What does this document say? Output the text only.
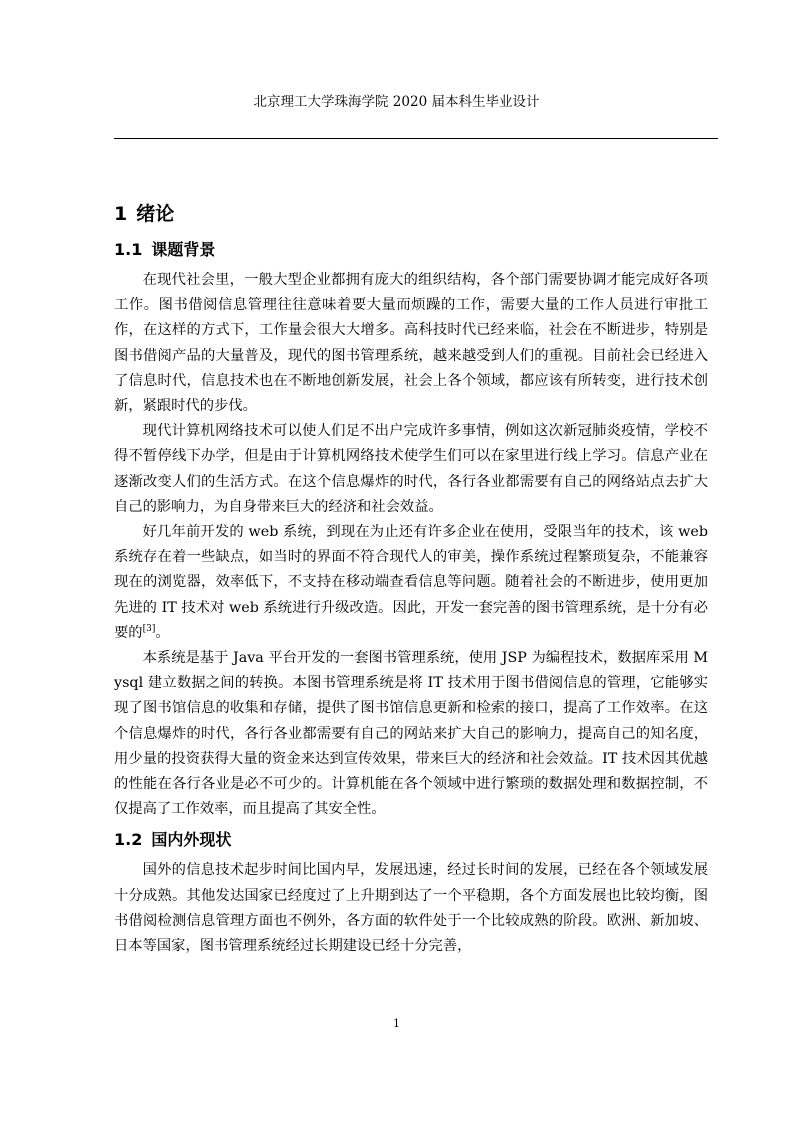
北京理工大学珠海学院 2020 届本科生毕业设计
1 绪论
1.1 课题背景

在现代社会里，一般大型企业都拥有庞大的组织结构，各个部门需要协调才能完成好各项工作。图书借阅信息管理往往意味着要大量而烦躁的工作，需要大量的工作人员进行审批工作，在这样的方式下，工作量会很大大增多。高科技时代已经来临，社会在不断进步，特别是图书借阅产品的大量普及，现代的图书管理系统，越来越受到人们的重视。目前社会已经进入了信息时代，信息技术也在不断地创新发展，社会上各个领域，都应该有所转变，进行技术创新，紧跟时代的步伐。

现代计算机网络技术可以使人们足不出户完成许多事情，例如这次新冠肺炎疫情，学校不得不暂停线下办学，但是由于计算机网络技术使学生们可以在家里进行线上学习。信息产业在逐渐改变人们的生活方式。在这个信息爆炸的时代，各行各业都需要有自己的网络站点去扩大自己的影响力，为自身带来巨大的经济和社会效益。

好几年前开发的 web 系统，到现在为止还有许多企业在使用，受限当年的技术，该 web 系统存在着一些缺点，如当时的界面不符合现代人的审美，操作系统过程繁琐复杂，不能兼容现在的浏览器，效率低下，不支持在移动端查看信息等问题。随着社会的不断进步，使用更加先进的 IT 技术对 web 系统进行升级改造。因此，开发一套完善的图书管理系统，是十分有必要的[3]。

本系统是基于 Java 平台开发的一套图书管理系统，使用 JSP 为编程技术，数据库采用 Mysql 建立数据之间的转换。本图书管理系统是将 IT 技术用于图书借阅信息的管理，它能够实现了图书馆信息的收集和存储，提供了图书馆信息更新和检索的接口，提高了工作效率。在这个信息爆炸的时代，各行各业都需要有自己的网站来扩大自己的影响力，提高自己的知名度，用少量的投资获得大量的资金来达到宣传效果，带来巨大的经济和社会效益。IT 技术因其优越的性能在各行各业是必不可少的。计算机能在各个领域中进行繁琐的数据处理和数据控制，不仅提高了工作效率，而且提高了其安全性。

1.2 国内外现状

国外的信息技术起步时间比国内早，发展迅速，经过长时间的发展，已经在各个领域发展十分成熟。其他发达国家已经度过了上升期到达了一个平稳期，各个方面发展也比较均衡，图书借阅检测信息管理方面也不例外，各方面的软件处于一个比较成熟的阶段。欧洲、新加坡、日本等国家，图书管理系统经过长期建设已经十分完善，

1
